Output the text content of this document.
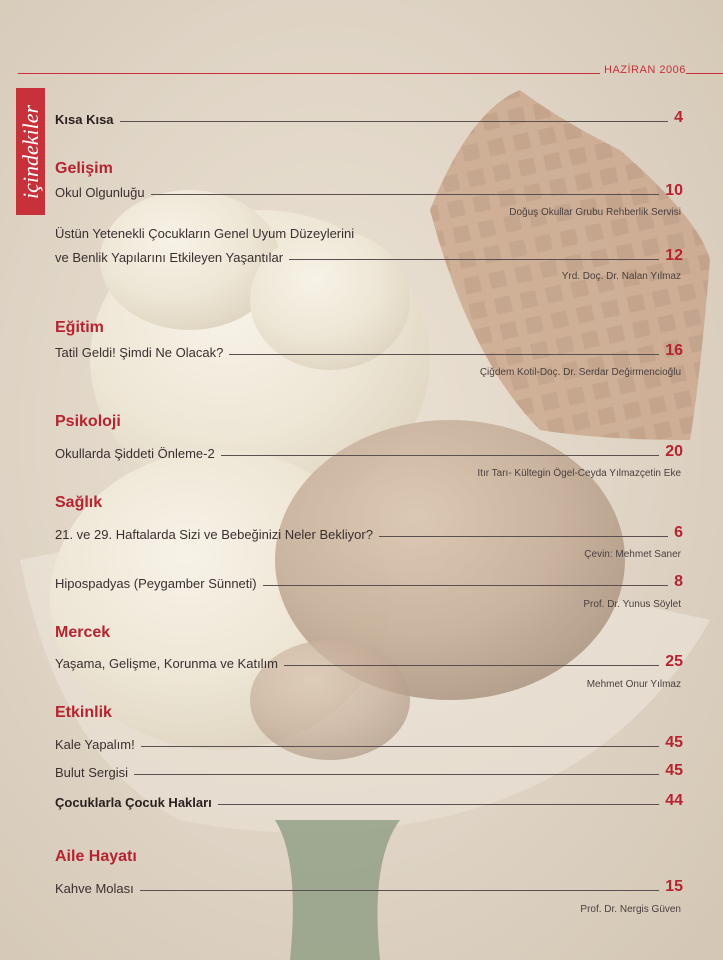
HAZİRAN 2006
içindekiler Kısa Kısa	4
Gelişim
Okul Olgunluğu	10
Doğuş Okullar Grubu Rehberlik Servisi
Üstün Yetenekli Çocukların Genel Uyum Düzeylerini
ve Benlik Yapılarını Etkileyen Yaşantılar	12
Yrd. Doç. Dr. Nalan Yılmaz
Eğitim
Tatil Geldi! Şimdi Ne Olacak?	16
Çiğdem Kotil-Doç. Dr. Serdar Değirmencioğlu
Psikoloji
Okullarda Şiddeti Önleme-2	20
Itır Tarı- Kültegin Ögel-Ceyda Yılmazçetin Eke
Sağlık
21. ve 29. Haftalarda Sizi ve Bebeğinizi Neler Bekliyor?	6
Çevin: Mehmet Saner
Hipospadyas (Peygamber Sünneti)	8
Prof. Dr. Yunus Söylet
Mercek
Yaşama, Gelişme, Korunma ve Katılım	25
Mehmet Onur Yılmaz
Etkinlik
Kale Yapalım!	45
Bulut Sergisi	45
Çocuklarla Çocuk Hakları	44
Aile Hayatı
Kahve Molası	15
Prof. Dr. Nergis Güven
